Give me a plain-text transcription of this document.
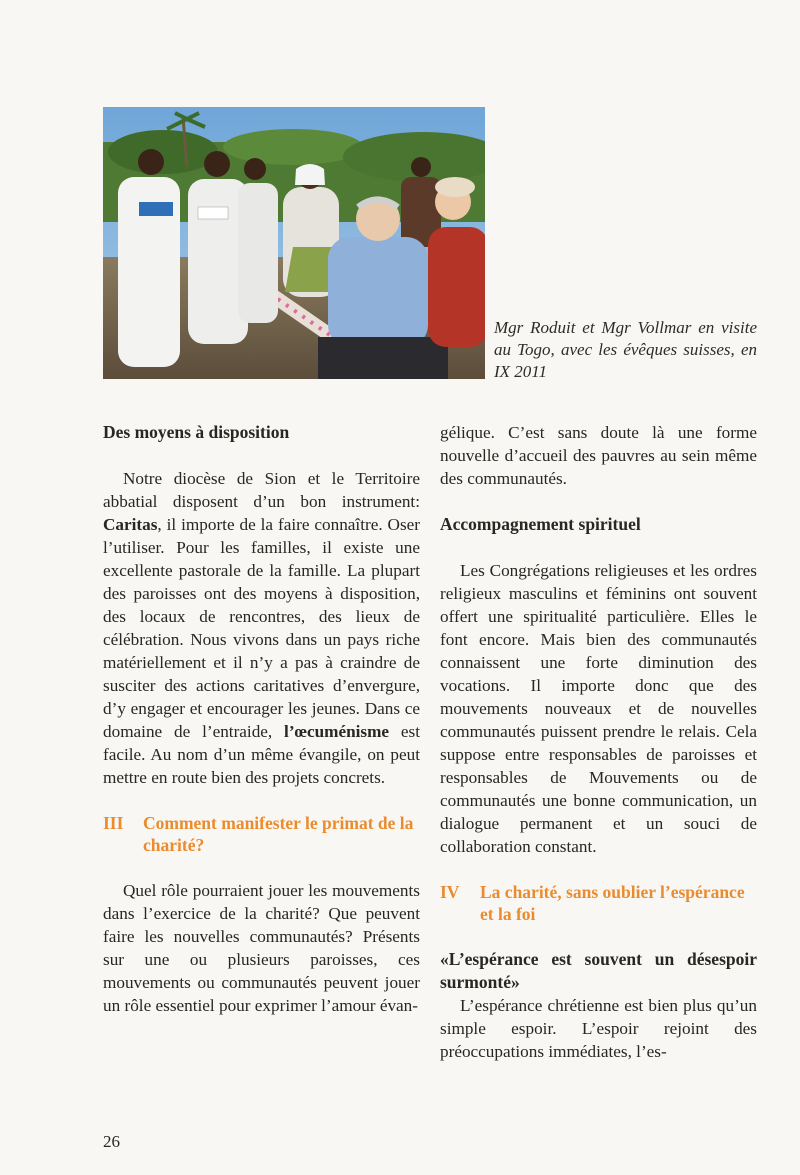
Mgr Roduit et Mgr Vollmar en visite au Togo, avec les évêques suisses, en IX 2011

Des moyens à disposition

Notre diocèse de Sion et le Territoire abbatial disposent d’un bon instrument: Caritas, il importe de la faire connaître. Oser l’utiliser. Pour les familles, il existe une excellente pastorale de la famille. La plupart des paroisses ont des moyens à disposition, des locaux de rencontres, des lieux de célébration. Nous vivons dans un pays riche matériellement et il n’y a pas à craindre de susciter des actions caritatives d’envergure, d’y engager et encourager les jeunes. Dans ce domaine de l’entraide, l’œcuménisme est facile. Au nom d’un même évangile, on peut mettre en route bien des projets concrets.

III	Comment manifester le primat de la charité?

Quel rôle pourraient jouer les mouvements dans l’exercice de la charité? Que peuvent faire les nouvelles communautés? Présents sur une ou plusieurs paroisses, ces mouvements ou communautés peuvent jouer un rôle essentiel pour exprimer l’amour évan-

gélique. C’est sans doute là une forme nouvelle d’accueil des pauvres au sein même des communautés.

Accompagnement spirituel

Les Congrégations religieuses et les ordres religieux masculins et féminins ont souvent offert une spiritualité particulière. Elles le font encore. Mais bien des communautés connaissent une forte diminution des vocations. Il importe donc que des mouvements nouveaux et de nouvelles communautés puissent prendre le relais. Cela suppose entre responsables de paroisses et responsables de Mouvements ou de communautés une bonne communication, un dialogue permanent et un souci de collaboration constant.

IV	La charité, sans oublier l’espérance et la foi

«L’espérance est souvent un désespoir surmonté»

L’espérance chrétienne est bien plus qu’un simple espoir. L’espoir rejoint des préoccupations immédiates, l’es-

26
